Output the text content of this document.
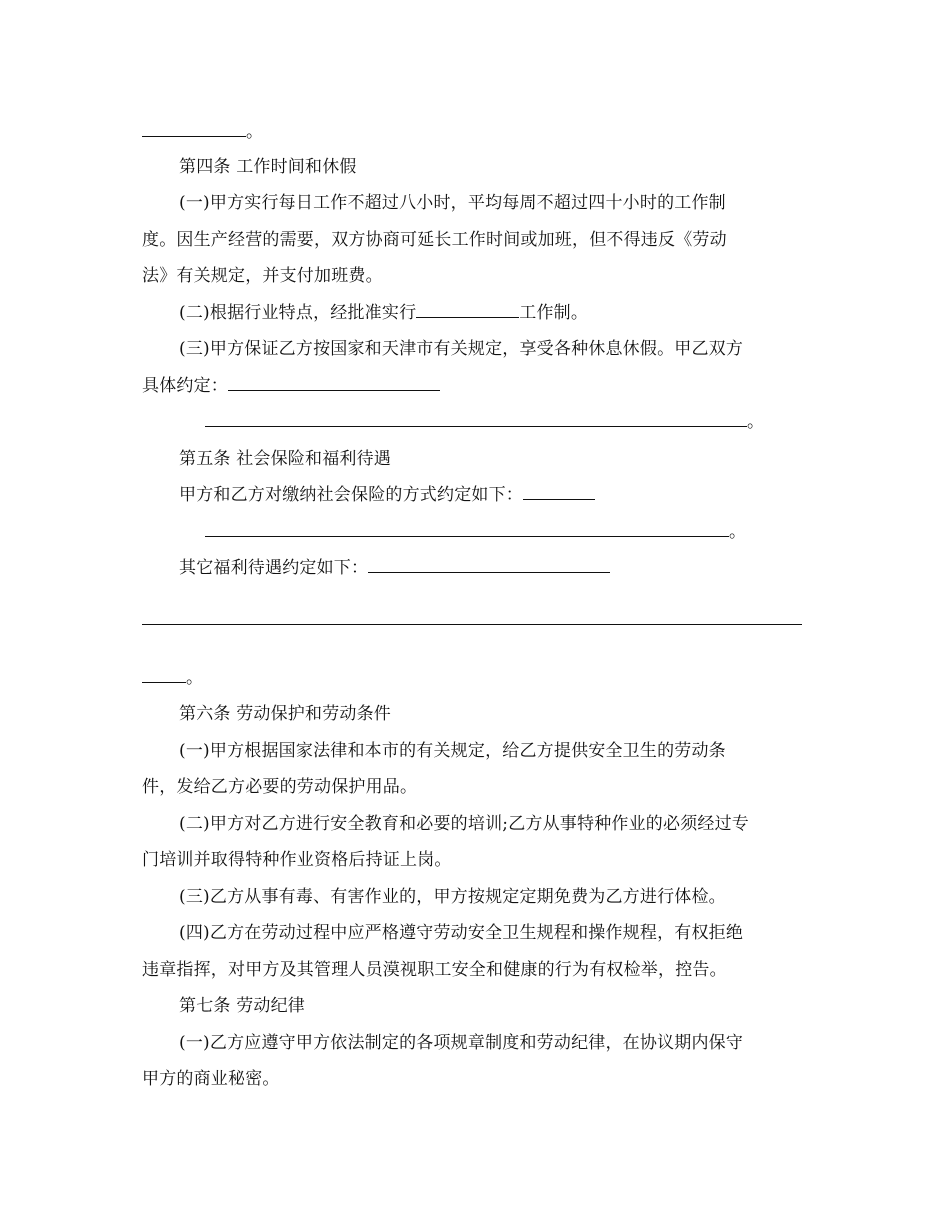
。
第四条 工作时间和休假
(一)甲方实行每日工作不超过八小时，平均每周不超过四十小时的工作制
度。因生产经营的需要，双方协商可延长工作时间或加班，但不得违反《劳动
法》有关规定，并支付加班费。
(二)根据行业特点，经批准实行	工作制。
(三)甲方保证乙方按国家和天津市有关规定，享受各种休息休假。甲乙双方
具体约定：
。
第五条 社会保险和福利待遇
甲方和乙方对缴纳社会保险的方式约定如下：
。
其它福利待遇约定如下：
。
第六条 劳动保护和劳动条件
(一)甲方根据国家法律和本市的有关规定，给乙方提供安全卫生的劳动条
件，发给乙方必要的劳动保护用品。
(二)甲方对乙方进行安全教育和必要的培训;乙方从事特种作业的必须经过专
门培训并取得特种作业资格后持证上岗。
(三)乙方从事有毒、有害作业的，甲方按规定定期免费为乙方进行体检。
(四)乙方在劳动过程中应严格遵守劳动安全卫生规程和操作规程，有权拒绝
违章指挥，对甲方及其管理人员漠视职工安全和健康的行为有权检举，控告。
第七条 劳动纪律
(一)乙方应遵守甲方依法制定的各项规章制度和劳动纪律，在协议期内保守
甲方的商业秘密。
